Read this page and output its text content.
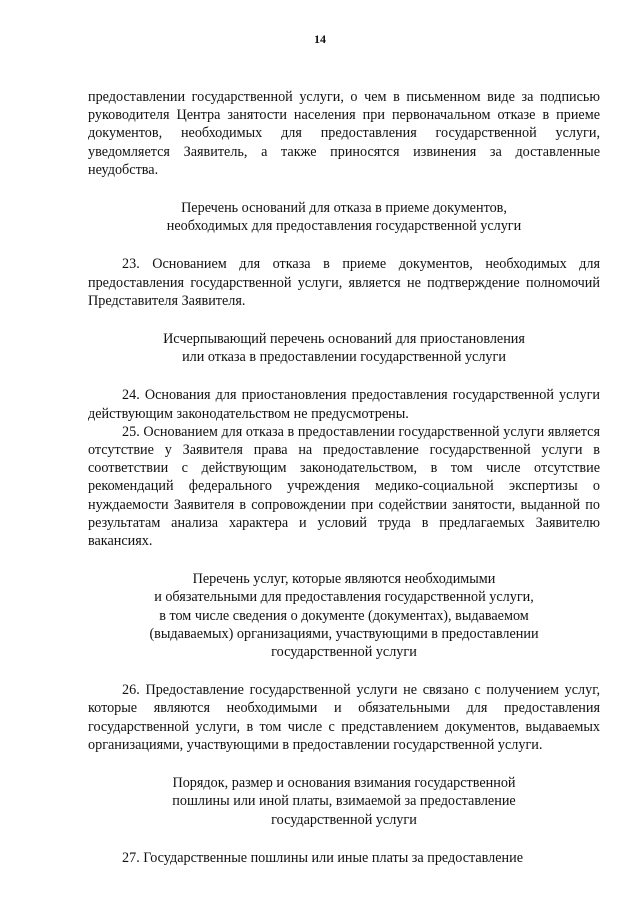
14

предоставлении государственной услуги, о чем в письменном виде за подписью руководителя Центра занятости населения при первоначальном отказе в приеме документов, необходимых для предоставления государственной услуги, уведомляется Заявитель, а также приносятся извинения за доставленные неудобства.

Перечень оснований для отказа в приеме документов,

необходимых для предоставления государственной услуги

23. Основанием для отказа в приеме документов, необходимых для предоставления государственной услуги, является не подтверждение полномочий Представителя Заявителя.

Исчерпывающий перечень оснований для приостановления

или отказа в предоставлении государственной услуги

24. Основания для приостановления предоставления государственной услуги действующим законодательством не предусмотрены.

25. Основанием для отказа в предоставлении государственной услуги является отсутствие у Заявителя права на предоставление государственной услуги в соответствии с действующим законодательством, в том числе отсутствие рекомендаций федерального учреждения медико-социальной экспертизы о нуждаемости Заявителя в сопровождении при содействии занятости, выданной по результатам анализа характера и условий труда в предлагаемых Заявителю вакансиях.

Перечень услуг, которые являются необходимыми

и обязательными для предоставления государственной услуги,

в том числе сведения о документе (документах), выдаваемом

(выдаваемых) организациями, участвующими в предоставлении

государственной услуги

26. Предоставление государственной услуги не связано с получением услуг, которые являются необходимыми и обязательными для предоставления государственной услуги, в том числе с представлением документов, выдаваемых организациями, участвующими в предоставлении государственной услуги.

Порядок, размер и основания взимания государственной

пошлины или иной платы, взимаемой за предоставление

государственной услуги

27. Государственные пошлины или иные платы за предоставление
